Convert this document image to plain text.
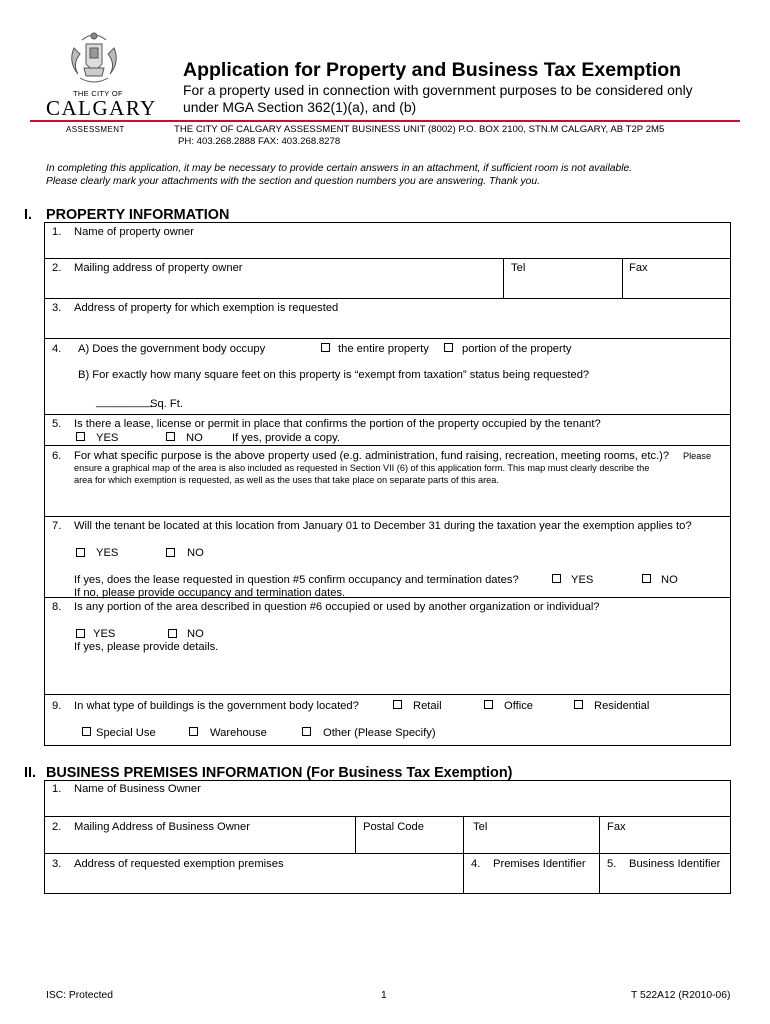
THE CITY OF
CALGARY
ASSESSMENT
Application for Property and Business Tax Exemption
For a property used in connection with government purposes to be considered only
under MGA Section 362(1)(a), and (b)
THE CITY OF CALGARY ASSESSMENT BUSINESS UNIT (8002) P.O. BOX 2100, STN.M CALGARY, AB T2P 2M5
PH: 403.268.2888 FAX: 403.268.8278
In completing this application, it may be necessary to provide certain answers in an attachment, if sufficient room is not available.
Please clearly mark your attachments with the section and question numbers you are answering. Thank you.
I. PROPERTY INFORMATION
1. Name of property owner
2. Mailing address of property owner	Tel	Fax
3. Address of property for which exemption is requested
4. A) Does the government body occupy	the entire property	portion of the property
B) For exactly how many square feet on this property is “exempt from taxation” status being requested?
_________
Sq. Ft.
5. Is there a lease, license or permit in place that confirms the portion of the property occupied by the tenant?
YES	NO	If yes, provide a copy.
6. For what specific purpose is the above property used (e.g. administration, fund raising, recreation, meeting rooms, etc.)? Please
ensure a graphical map of the area is also included as requested in Section VII (6) of this application form. This map must clearly describe the
area for which exemption is requested, as well as the uses that take place on separate parts of this area.
7. Will the tenant be located at this location from January 01 to December 31 during the taxation year the exemption applies to?
YES	NO
If yes, does the lease requested in question #5 confirm occupancy and termination dates?	YES	NO
If no, please provide occupancy and termination dates.
8. Is any portion of the area described in question #6 occupied or used by another organization or individual?
YES	NO
If yes, please provide details.
9. In what type of buildings is the government body located?	Retail	Office	Residential
Special Use	Warehouse	Other (Please Specify)
II. BUSINESS PREMISES INFORMATION (For Business Tax Exemption)
1. Name of Business Owner
2. Mailing Address of Business Owner	Postal Code	Tel	Fax
3. Address of requested exemption premises	4. Premises Identifier 5. Business Identifier
ISC: Protected	1	T 522A12 (R2010-06)
